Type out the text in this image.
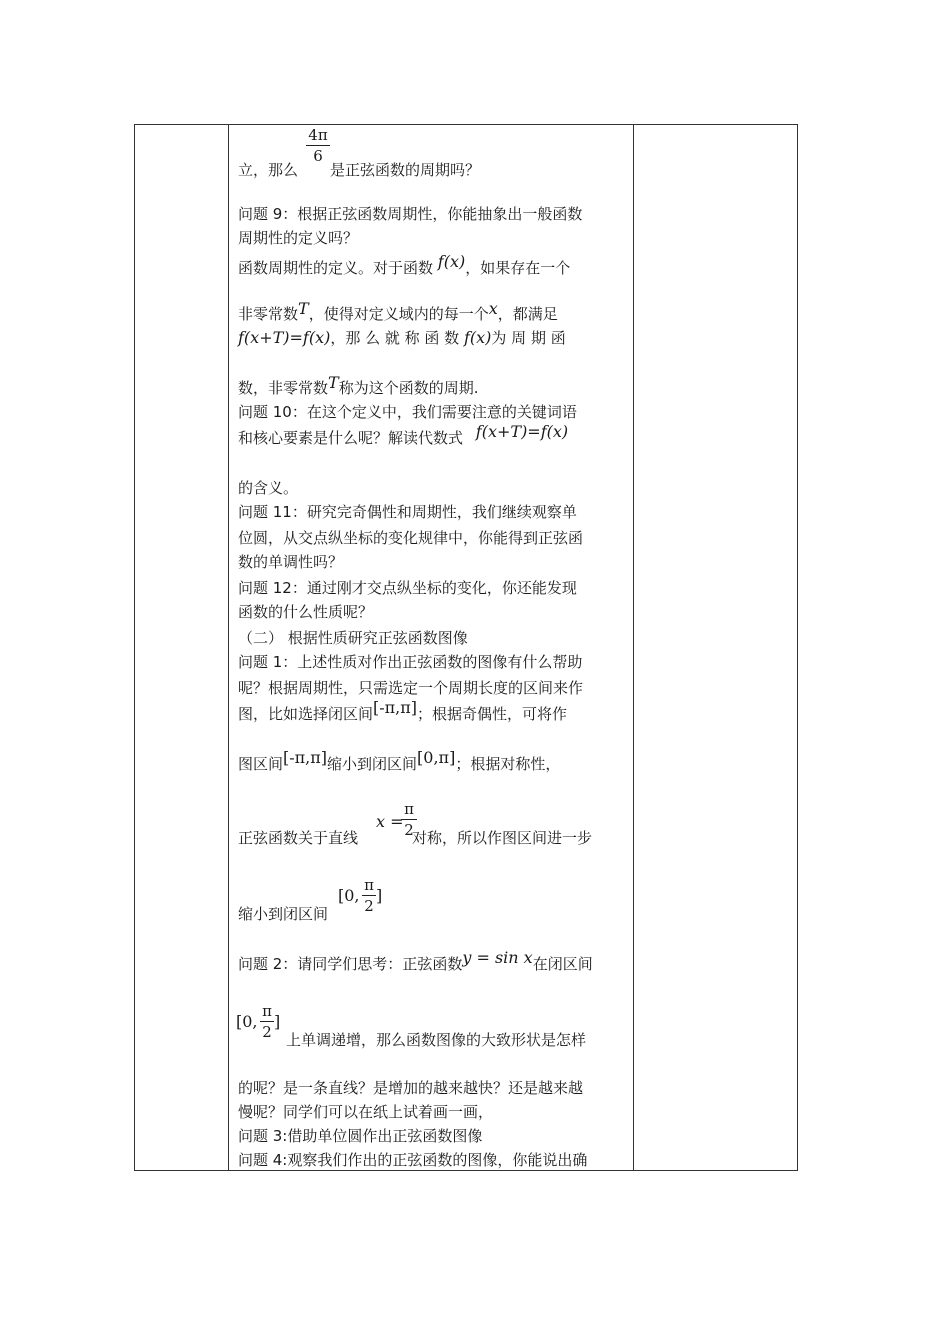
4π
6
立，那么 是正弦函数的周期吗？
问题 9：根据正弦函数周期性，你能抽象出一般函数
周期性的定义吗？
函数周期性的定义。对于函数 f(x)，如果存在一个
非零常数T，使得对定义域内的每一个x，都满足
f(x+T)=f(x)，那 么 就 称 函 数 f(x)为 周 期 函
数，非零常数T称为这个函数的周期.
问题 10：在这个定义中，我们需要注意的关键词语
和核心要素是什么呢？解读代数式 f(x+T)=f(x)
的含义。
问题 11：研究完奇偶性和周期性，我们继续观察单
位圆，从交点纵坐标的变化规律中，你能得到正弦函
数的单调性吗？
问题 12：通过刚才交点纵坐标的变化，你还能发现
函数的什么性质呢？
（二） 根据性质研究正弦函数图像
问题 1：上述性质对作出正弦函数的图像有什么帮助
呢？根据周期性，只需选定一个周期长度的区间来作
图，比如选择闭区间[-π,π]；根据奇偶性，可将作
图区间[-π,π]缩小到闭区间[0,π]；根据对称性，
x =
π
2
正弦函数关于直线	对称，所以作图区间进一步
[0,
π
2
]
缩小到闭区间
问题 2：请同学们思考：正弦函数y = sin x在闭区间
[0,
π
2
]
上单调递增，那么函数图像的大致形状是怎样
的呢？是一条直线？是增加的越来越快？还是越来越
慢呢？同学们可以在纸上试着画一画，
问题 3:借助单位圆作出正弦函数图像
问题 4:观察我们作出的正弦函数的图像，你能说出确
